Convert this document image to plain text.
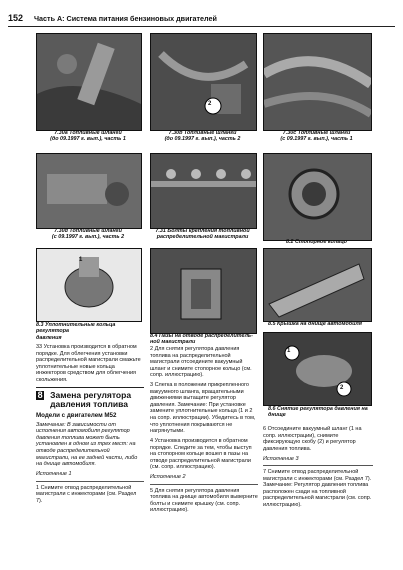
152 Часть А: Система питания бензиновых двигателей
7.30a Топливные шланги
(до 09.1997 г. вып.), часть 1
7.30b Топливные шланги
(до 09.1997 г. вып.), часть 2
7.30c Топливные шланги
(с 09.1997 г. вып.), часть 1
7.30d Топливные шланги
(с 09.1997 г. вып.), часть 2
7.31 Болты крепления топливной
распределительной магистрали
8.2 Стопорное кольцо
8.3 Уплотнительные кольца регулятора
давления	8.4 Пазы на отводе распределитель-
ной магистрали
8.5 Крышка на днище автомобиля
8.6 Снятие регулятора давления на
днище

33 Установка производится в обратном порядке. Для облегчения установки распределительной магистрали смажьте уплотнительные новые кольца инжекторов средством для облегчения скольжения.

8 Замена регулятора давления топлива
Модели с двигателем M52

Замечание: В зависимости от исполнения автомобиля регулятор давления топлива может быть установлен в одном из трех мест: на отводе распределительной магистрали, на ее задней части, либо на днище автомобиля.

Исполнение 1

1 Снимите отвод распределительной магистрали с инжекторами (см. Раздел 7).

2 Для снятия регулятора давления топлива на распределительной магистрали отсоедините вакуумный шланг и снимите стопорное кольцо (см. сопр. иллюстрацию).

3 Слегка в положении прикрепленного вакуумного шланга, вращательными движениями вытащите регулятор давления. Замечание: При установке замените уплотнительные кольца (1 и 2 на сопр. иллюстрации). Убедитесь в том, что уплотнения покрываются не нагрянутыми.

4 Установка производится в обратном порядке. Следите за тем, чтобы выступ на стопорном кольце вошел в пазы на отводе распределительной магистрали (см. сопр. иллюстрацию).

Исполнение 2

5 Для снятия регулятора давления топлива на днище автомобиля выверните болты и снимите крышку (см. сопр. иллюстрацию).

6 Отсоедините вакуумный шланг (1 на сопр. иллюстрации), снимите фиксирующую скобу (2) и регулятор давления топлива.

Исполнение 3

7 Снимите отвод распределительной магистрали с инжекторами (см. Раздел 7). Замечание: Регулятор давления топлива расположен сзади на топливной распределительной магистрали (см. сопр. иллюстрацию).

1
2
1
2
